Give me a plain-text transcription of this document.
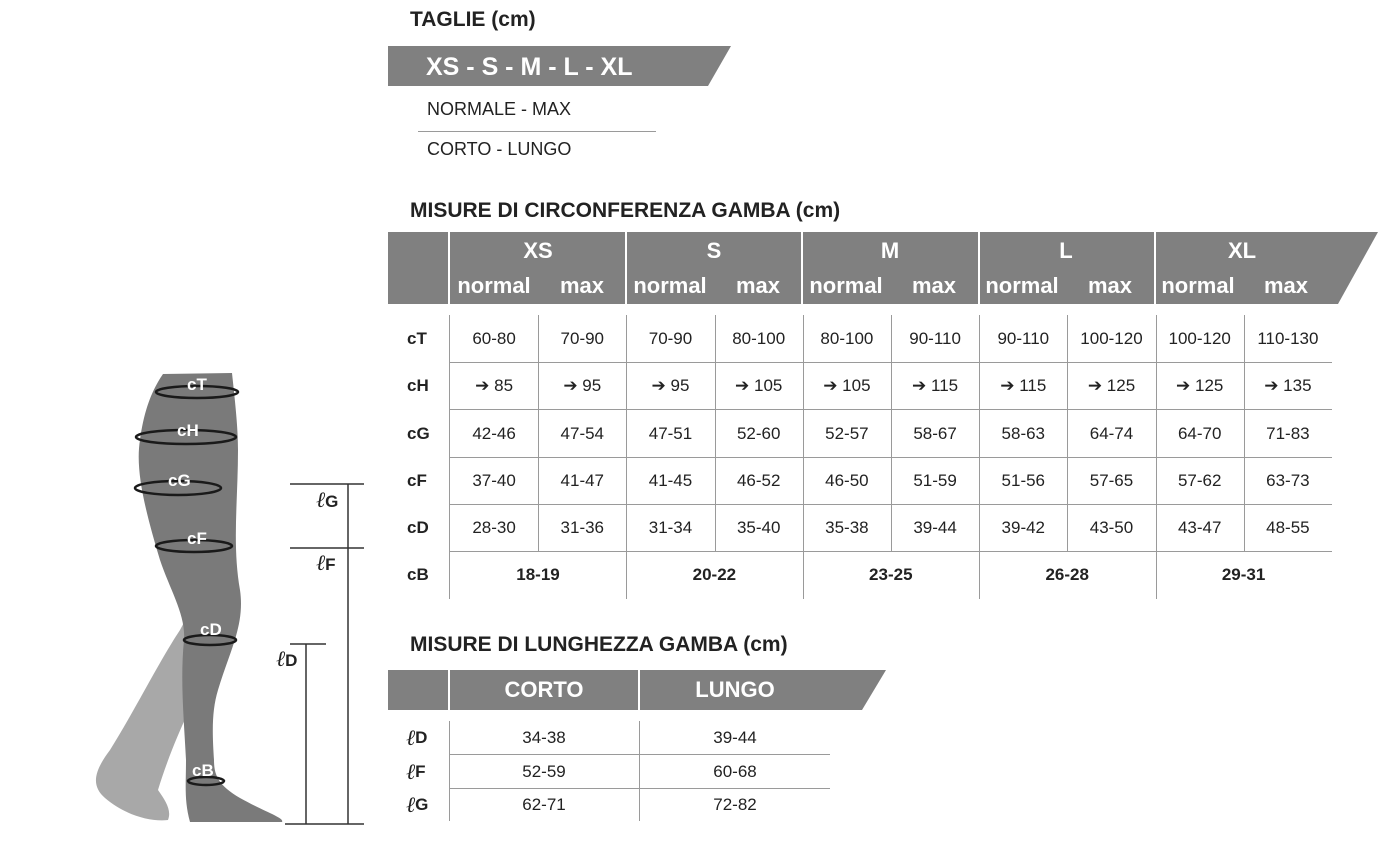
TAGLIE (cm)
XS - S - M - L - XL
NORMALE - MAX
CORTO - LUNGO
MISURE DI CIRCONFERENZA GAMBA (cm)
XS
normal	max
S
normal	max
M
normal	max
L
normal	max
XL
normal	max
cT	60-80	70-90	70-90	80-100	80-100	90-110	90-110	100-120	100-120	110-130
cH	➔ 85	➔ 95	➔ 95	➔ 105	➔ 105	➔ 115	➔ 115	➔ 125	➔ 125	➔ 135
cG	42-46	47-54	47-51	52-60	52-57	58-67	58-63	64-74	64-70	71-83
cF	37-40	41-47	41-45	46-52	46-50	51-59	51-56	57-65	57-62	63-73
cD	28-30	31-36	31-34	35-40	35-38	39-44	39-42	43-50	43-47	48-55
cB	18-19	20-22	23-25	26-28	29-31
MISURE DI LUNGHEZZA GAMBA (cm)
CORTO	LUNGO
ℓ D	34-38	39-44
ℓ F	52-59	60-68
ℓ G	62-71	72-82
cT
cH
cG
cF
cD
cB
ℓG
ℓF
ℓD
